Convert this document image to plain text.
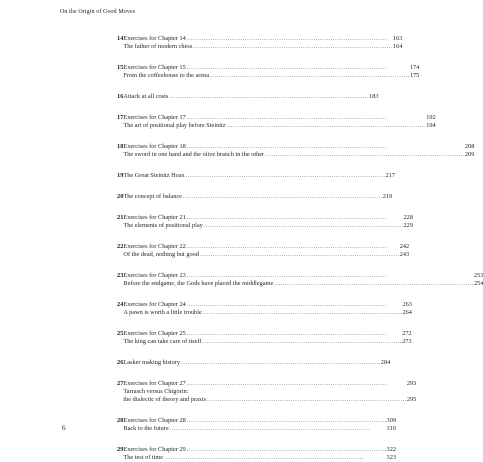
On the Origin of Good Moves
14 Exercises for Chapter 14 . . .	163
The father of modern chess . . .	164
15 Exercises for Chapter 15 . . .	174
From the coffeehouse to the arena . . .	175
16 Attack at all costs . . .	183
17 Exercises for Chapter 17 . . .	192
The art of positional play before Steinitz . . .	194
18 Exercises for Chapter 18 . . .	208
The sword in one hand and the olive branch in the other . . .	209
19 The Great Steinitz Hoax . . .	217
20 The concept of balance . . .	219
21 Exercises for Chapter 21 . . .	228
The elements of positional play . . .	229
22 Exercises for Chapter 22 . . .	242
Of the dead, nothing but good . . .	243
23 Exercises for Chapter 23 . . .	253
Before the endgame, the Gods have placed the middlegame . . .	254
24 Exercises for Chapter 24 . . .	263
A pawn is worth a little trouble . . .	264
25 Exercises for Chapter 25 . . .	272
The king can take care of itself . . .	273
26 Lasker making history . . .	284
27 Exercises for Chapter 27 . . .	293
Tarrasch versus Chigorin:
the dialectic of theory and praxis . . .	295
28 Exercises for Chapter 28 . . .	309
Back to the future . . .	310
29 Exercises for Chapter 29 . . .	322
The test of time . . .	323
6
